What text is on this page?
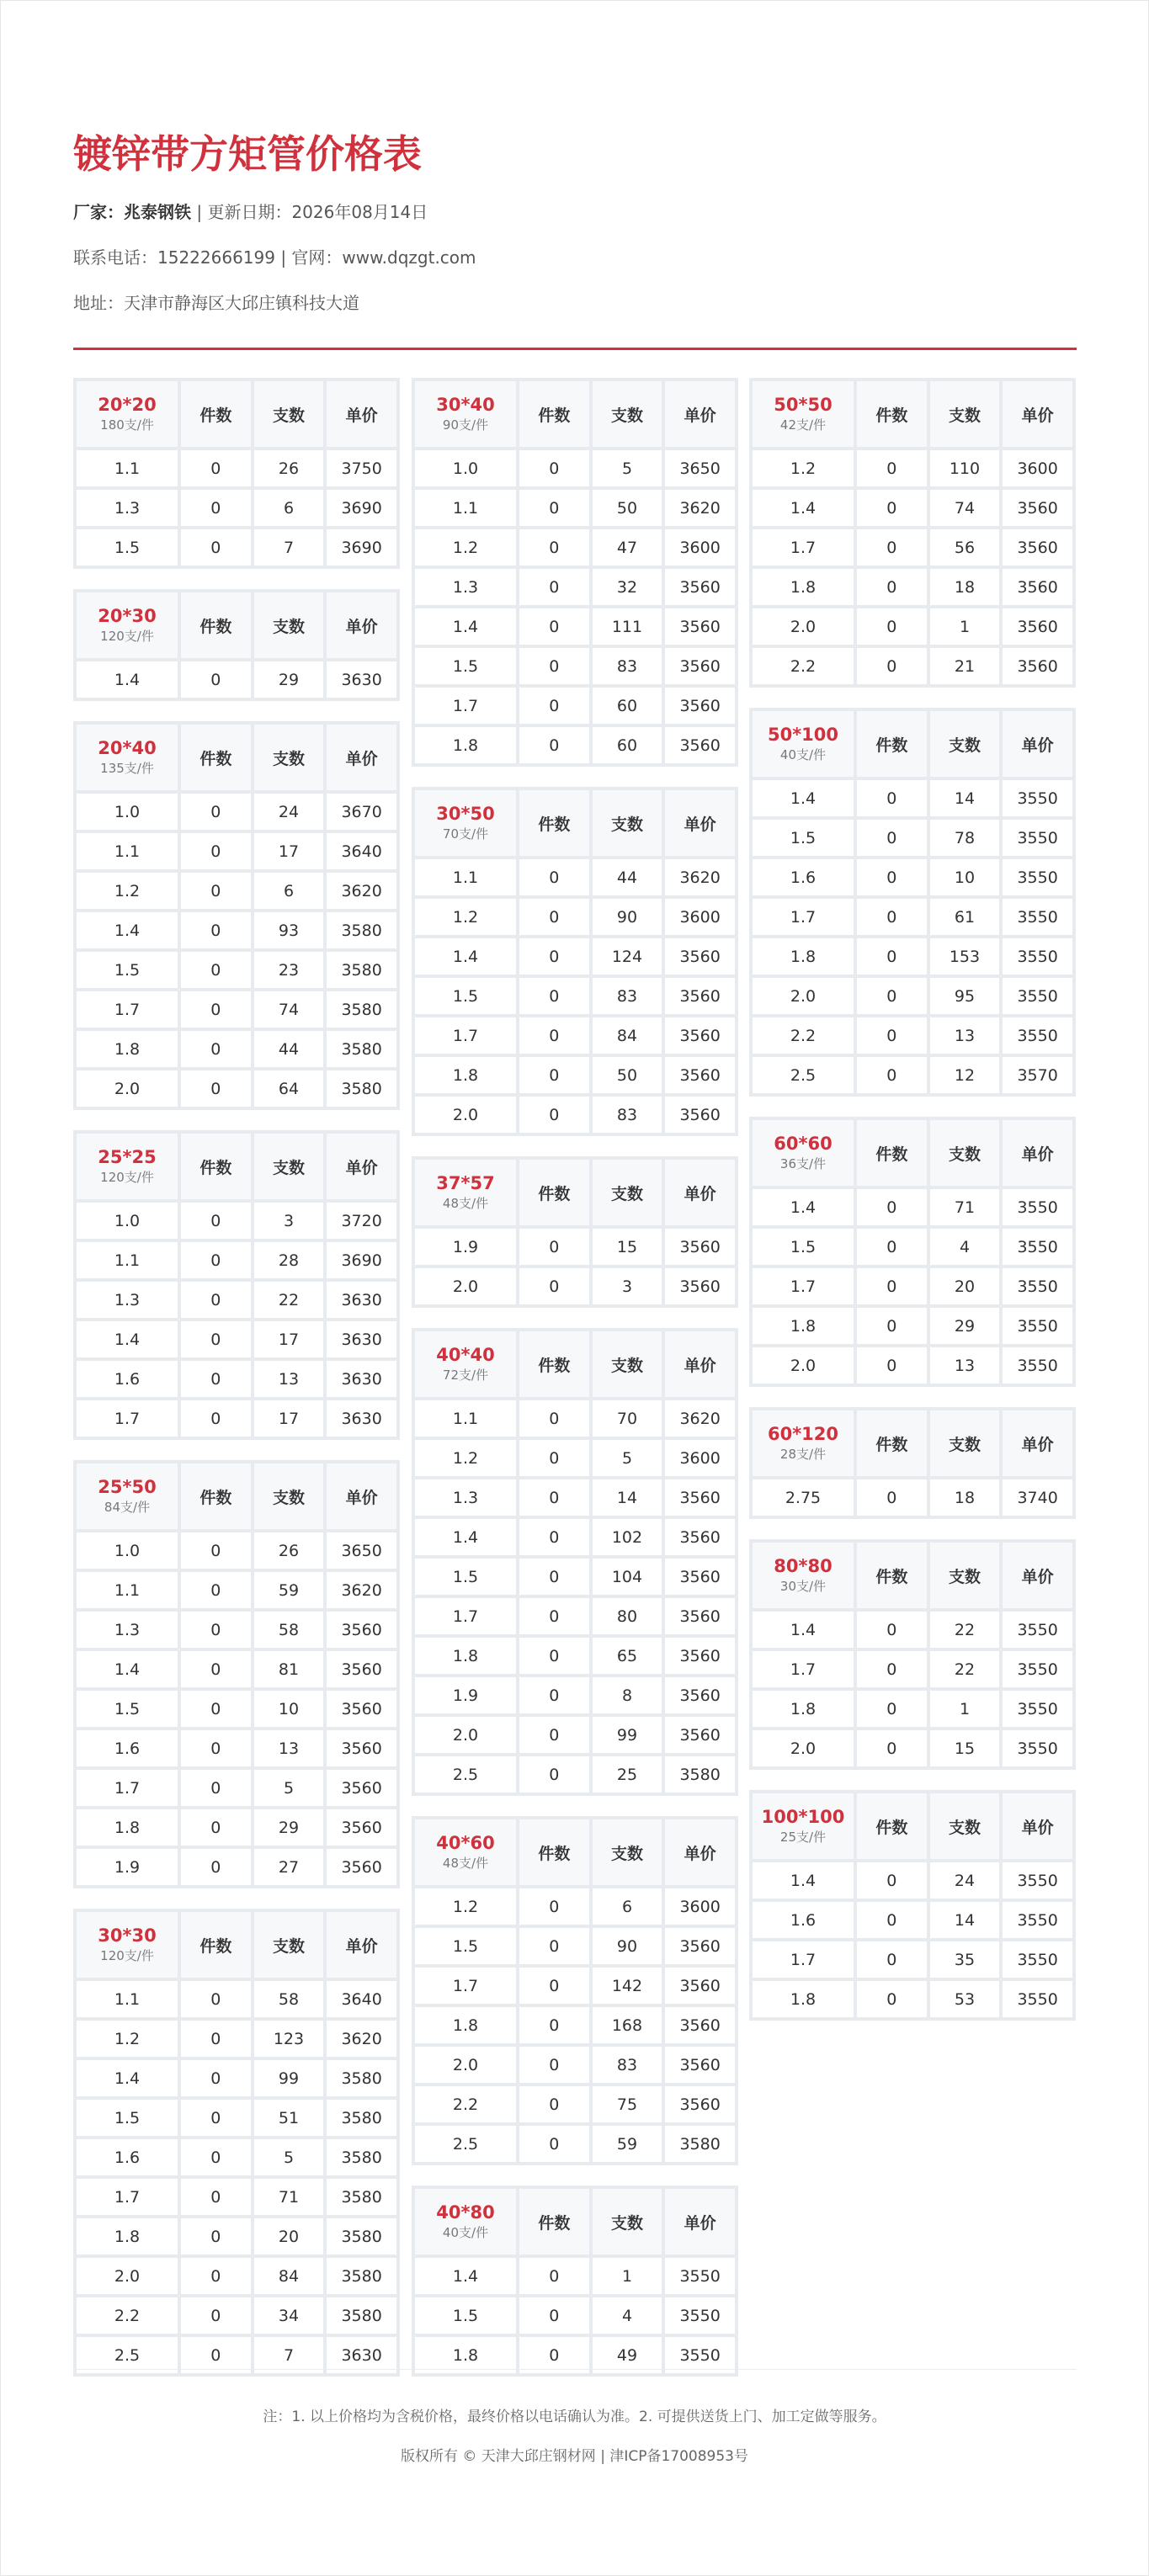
镀锌带方矩管价格表
厂家：兆泰钢铁 | 更新日期：2026年08月14日
联系电话：15222666199 | 官网：www.dqzgt.com
地址：天津市静海区大邱庄镇科技大道
20*20
180支/件	件数	支数	单价
1.1	0	26	3750
1.3	0	6	3690
1.5	0	7	3690
20*30
120支/件	件数	支数	单价
1.4	0	29	3630
20*40
135支/件	件数	支数	单价
1.0	0	24	3670
1.1	0	17	3640
1.2	0	6	3620
1.4	0	93	3580
1.5	0	23	3580
1.7	0	74	3580
1.8	0	44	3580
2.0	0	64	3580
25*25
120支/件	件数	支数	单价
1.0	0	3	3720
1.1	0	28	3690
1.3	0	22	3630
1.4	0	17	3630
1.6	0	13	3630
1.7	0	17	3630
25*50
84支/件	件数	支数	单价
1.0	0	26	3650
1.1	0	59	3620
1.3	0	58	3560
1.4	0	81	3560
1.5	0	10	3560
1.6	0	13	3560
1.7	0	5	3560
1.8	0	29	3560
1.9	0	27	3560
30*30
120支/件	件数	支数	单价
1.1	0	58	3640
1.2	0	123	3620
1.4	0	99	3580
1.5	0	51	3580
1.6	0	5	3580
1.7	0	71	3580
1.8	0	20	3580
2.0	0	84	3580
2.2	0	34	3580
2.5	0	7	3630
30*40
90支/件	件数	支数	单价
1.0	0	5	3650
1.1	0	50	3620
1.2	0	47	3600
1.3	0	32	3560
1.4	0	111	3560
1.5	0	83	3560
1.7	0	60	3560
1.8	0	60	3560
30*50
70支/件	件数	支数	单价
1.1	0	44	3620
1.2	0	90	3600
1.4	0	124	3560
1.5	0	83	3560
1.7	0	84	3560
1.8	0	50	3560
2.0	0	83	3560
37*57
48支/件	件数	支数	单价
1.9	0	15	3560
2.0	0	3	3560
40*40
72支/件	件数	支数	单价
1.1	0	70	3620
1.2	0	5	3600
1.3	0	14	3560
1.4	0	102	3560
1.5	0	104	3560
1.7	0	80	3560
1.8	0	65	3560
1.9	0	8	3560
2.0	0	99	3560
2.5	0	25	3580
40*60
48支/件	件数	支数	单价
1.2	0	6	3600
1.5	0	90	3560
1.7	0	142	3560
1.8	0	168	3560
2.0	0	83	3560
2.2	0	75	3560
2.5	0	59	3580
40*80
40支/件	件数	支数	单价
1.4	0	1	3550
1.5	0	4	3550
1.8	0	49	3550
50*50
42支/件	件数	支数	单价
1.2	0	110	3600
1.4	0	74	3560
1.7	0	56	3560
1.8	0	18	3560
2.0	0	1	3560
2.2	0	21	3560
50*100
40支/件	件数	支数	单价
1.4	0	14	3550
1.5	0	78	3550
1.6	0	10	3550
1.7	0	61	3550
1.8	0	153	3550
2.0	0	95	3550
2.2	0	13	3550
2.5	0	12	3570
60*60
36支/件	件数	支数	单价
1.4	0	71	3550
1.5	0	4	3550
1.7	0	20	3550
1.8	0	29	3550
2.0	0	13	3550
60*120
28支/件	件数	支数	单价
2.75	0	18	3740
80*80
30支/件	件数	支数	单价
1.4	0	22	3550
1.7	0	22	3550
1.8	0	1	3550
2.0	0	15	3550
100*100
25支/件	件数	支数	单价
1.4	0	24	3550
1.6	0	14	3550
1.7	0	35	3550
1.8	0	53	3550
注：1. 以上价格均为含税价格，最终价格以电话确认为准。2. 可提供送货上门、加工定做等服务。
版权所有 © 天津大邱庄钢材网 | 津ICP备17008953号
